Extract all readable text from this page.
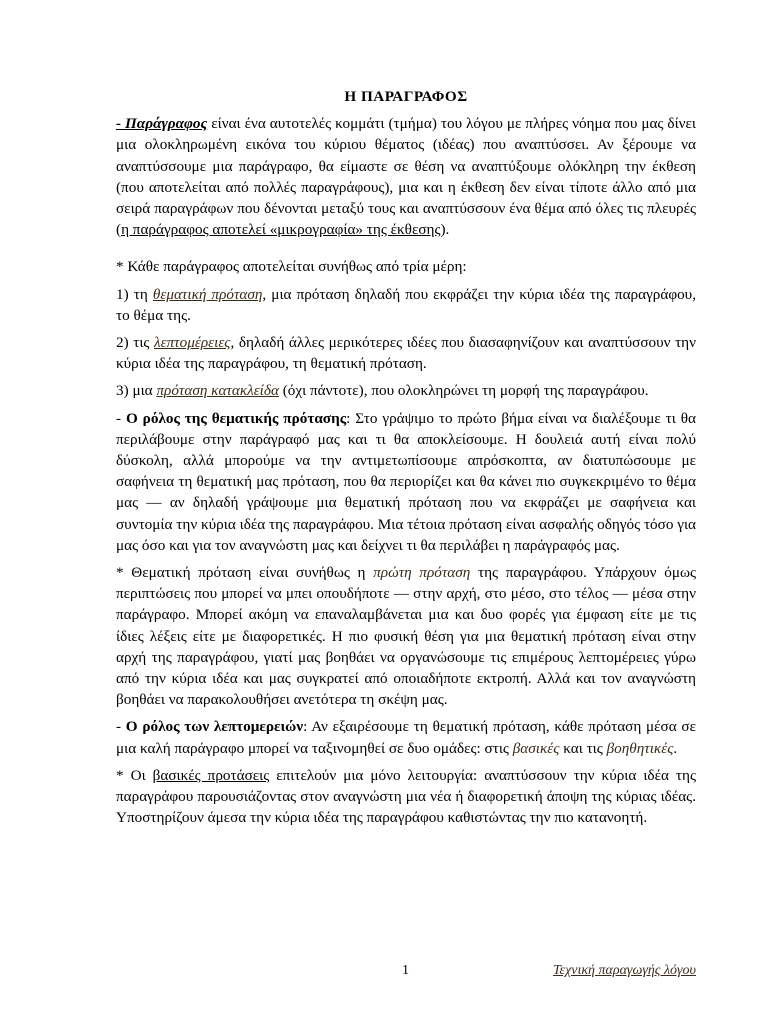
Η ΠΑΡΑΓΡΑΦΟΣ

- Παράγραφος είναι ένα αυτοτελές κομμάτι (τμήμα) του λόγου με πλήρες νόημα που μας δίνει μια ολοκληρωμένη εικόνα του κύριου θέματος (ιδέας) που αναπτύσσει. Αν ξέρουμε να αναπτύσσουμε μια παράγραφο, θα είμαστε σε θέση να αναπτύξουμε ολόκληρη την έκθεση (που αποτελείται από πολλές παραγράφους), μια και η έκθεση δεν είναι τίποτε άλλο από μια σειρά παραγράφων που δένονται μεταξύ τους και αναπτύσσουν ένα θέμα από όλες τις πλευρές (η παράγραφος αποτελεί «μικρογραφία» της έκθεσης).

* Κάθε παράγραφος αποτελείται συνήθως από τρία μέρη:

1) τη θεματική πρόταση, μια πρόταση δηλαδή που εκφράζει την κύρια ιδέα της παραγράφου, το θέμα της.

2) τις λεπτομέρειες, δηλαδή άλλες μερικότερες ιδέες που διασαφηνίζουν και αναπτύσσουν την κύρια ιδέα της παραγράφου, τη θεματική πρόταση.

3) μια πρόταση κατακλείδα (όχι πάντοτε), που ολοκληρώνει τη μορφή της παραγράφου.

- Ο ρόλος της θεματικής πρότασης: Στο γράψιμο το πρώτο βήμα είναι να διαλέξουμε τι θα περιλάβουμε στην παράγραφό μας και τι θα αποκλείσουμε. Η δουλειά αυτή είναι πολύ δύσκολη, αλλά μπορούμε να την αντιμετωπίσουμε απρόσκοπτα, αν διατυπώσουμε με σαφήνεια τη θεματική μας πρόταση, που θα περιορίζει και θα κάνει πιο συγκεκριμένο το θέμα μας — αν δηλαδή γράψουμε μια θεματική πρόταση που να εκφράζει με σαφήνεια και συντομία την κύρια ιδέα της παραγράφου. Μια τέτοια πρόταση είναι ασφαλής οδηγός τόσο για μας όσο και για τον αναγνώστη μας και δείχνει τι θα περιλάβει η παράγραφός μας.

* Θεματική πρόταση είναι συνήθως η πρώτη πρόταση της παραγράφου. Υπάρχουν όμως περιπτώσεις που μπορεί να μπει οπουδήποτε — στην αρχή, στο μέσο, στο τέλος — μέσα στην παράγραφο. Μπορεί ακόμη να επαναλαμβάνεται μια και δυο φορές για έμφαση είτε με τις ίδιες λέξεις είτε με διαφορετικές. Η πιο φυσική θέση για μια θεματική πρόταση είναι στην αρχή της παραγράφου, γιατί μας βοηθάει να οργανώσουμε τις επιμέρους λεπτομέρειες γύρω από την κύρια ιδέα και μας συγκρατεί από οποιαδήποτε εκτροπή. Αλλά και τον αναγνώστη βοηθάει να παρακολουθήσει ανετότερα τη σκέψη μας.

- Ο ρόλος των λεπτομερειών: Αν εξαιρέσουμε τη θεματική πρόταση, κάθε πρόταση μέσα σε μια καλή παράγραφο μπορεί να ταξινομηθεί σε δυο ομάδες: στις βασικές και τις βοηθητικές.

* Οι βασικές προτάσεις επιτελούν μια μόνο λειτουργία: αναπτύσσουν την κύρια ιδέα της παραγράφου παρουσιάζοντας στον αναγνώστη μια νέα ή διαφορετική άποψη της κύριας ιδέας. Υποστηρίζουν άμεσα την κύρια ιδέα της παραγράφου καθιστώντας την πιο κατανοητή.

1	Τεχνική παραγωγής λόγου
